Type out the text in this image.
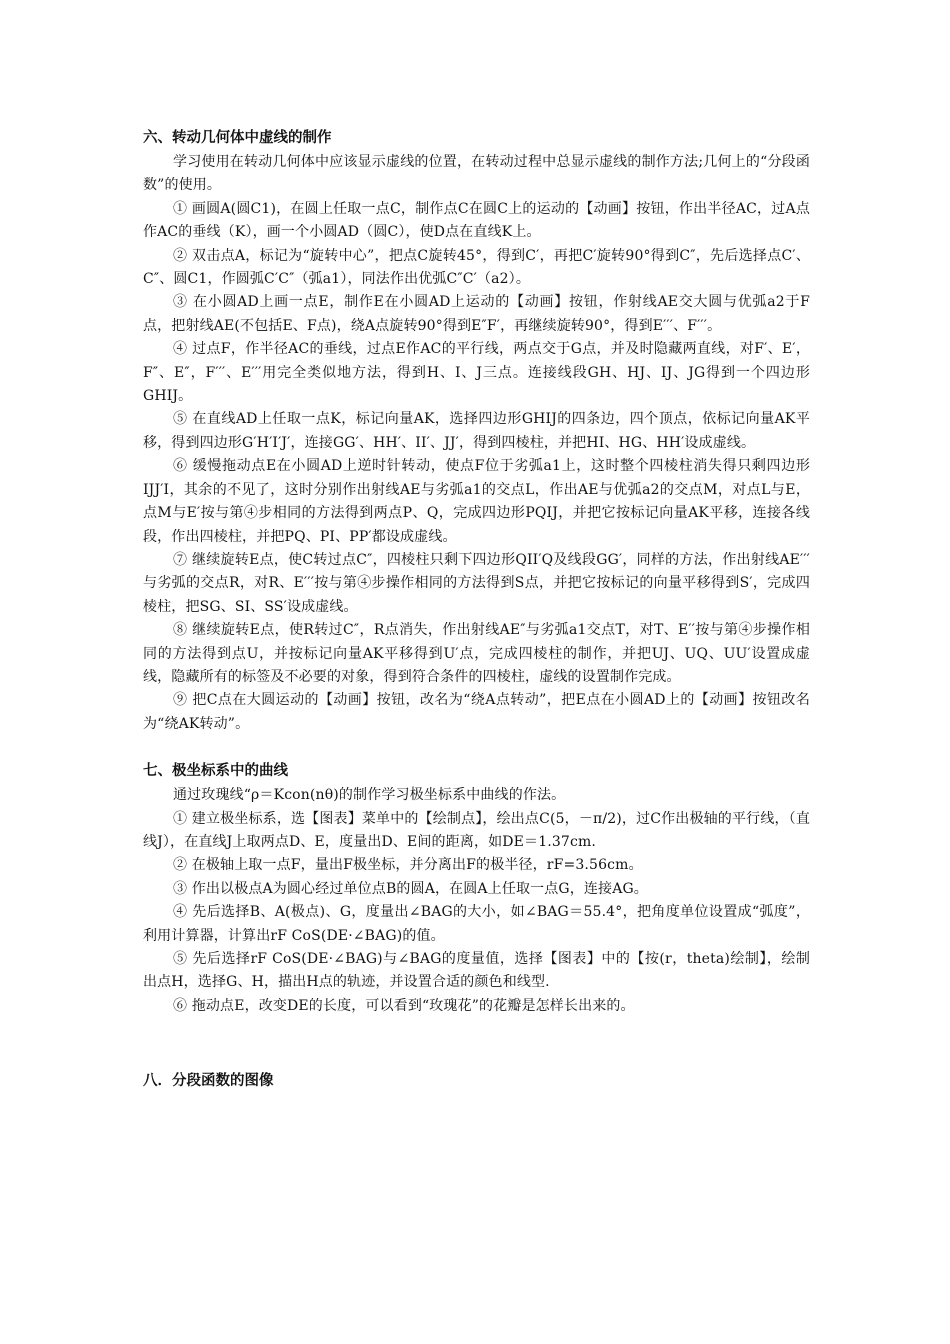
六、转动几何体中虚线的制作

学习使用在转动几何体中应该显示虚线的位置，在转动过程中总显示虚线的制作方法;几何上的“分段函数”的使用。

① 画圆A(圆C1)，在圆上任取一点C，制作点C在圆C上的运动的【动画】按钮，作出半径AC，过A点作AC的垂线（K），画一个小圆AD（圆C），使D点在直线K上。

② 双击点A，标记为“旋转中心”，把点C旋转45°，得到C′，再把C′旋转90°得到C″，先后选择点C′、C″、圆C1，作圆弧C′C″（弧a1），同法作出优弧C″C′（a2）。

③ 在小圆AD上画一点E，制作E在小圆AD上运动的【动画】按钮，作射线AE交大圆与优弧a2于F点，把射线AE(不包括E、F点)，绕A点旋转90°得到E″F′，再继续旋转90°，得到E′′′、F′′′。

④ 过点F，作半径AC的垂线，过点E作AC的平行线，两点交于G点，并及时隐藏两直线，对F′、E′，F″、E″，F′′′、E′′′用完全类似地方法，得到H、I、J三点。连接线段GH、HJ、IJ、JG得到一个四边形GHIJ。

⑤ 在直线AD上任取一点K，标记向量AK，选择四边形GHIJ的四条边，四个顶点，依标记向量AK平移，得到四边形G′H′I′J′，连接GG′、HH′、II′、JJ′，得到四棱柱，并把HI、HG、HH′设成虚线。

⑥ 缓慢拖动点E在小圆AD上逆时针转动，使点F位于劣弧a1上，这时整个四棱柱消失得只剩四边形IJJ′I，其余的不见了，这时分别作出射线AE与劣弧a1的交点L，作出AE与优弧a2的交点M，对点L与E，点M与E′按与第④步相同的方法得到两点P、Q，完成四边形PQIJ，并把它按标记向量AK平移，连接各线段，作出四棱柱，并把PQ、PI、PP′都设成虚线。

⑦ 继续旋转E点，使C转过点C″，四棱柱只剩下四边形QII′Q及线段GG′，同样的方法，作出射线AE′′′与劣弧的交点R，对R、E′′′按与第④步操作相同的方法得到S点，并把它按标记的向量平移得到S′，完成四棱柱，把SG、SI、SS′设成虚线。

⑧ 继续旋转E点，使R转过C″，R点消失，作出射线AE″与劣弧a1交点T，对T、E′′按与第④步操作相同的方法得到点U，并按标记向量AK平移得到U′点，完成四棱柱的制作，并把UJ、UQ、UU′设置成虚线，隐藏所有的标签及不必要的对象，得到符合条件的四棱柱，虚线的设置制作完成。

⑨ 把C点在大圆运动的【动画】按钮，改名为“绕A点转动”，把E点在小圆AD上的【动画】按钮改名为“绕AK转动”。

七、极坐标系中的曲线

通过玫瑰线“ρ＝Kcon(nθ)的制作学习极坐标系中曲线的作法。

① 建立极坐标系，选【图表】菜单中的【绘制点】，绘出点C(5，－π/2)，过C作出极轴的平行线，（直线J），在直线J上取两点D、E，度量出D、E间的距离，如DE＝1.37cm.

② 在极轴上取一点F，量出F极坐标，并分离出F的极半径，rF=3.56cm。

③ 作出以极点A为圆心经过单位点B的圆A，在圆A上任取一点G，连接AG。

④ 先后选择B、A(极点)、G，度量出∠BAG的大小，如∠BAG＝55.4°，把角度单位设置成“弧度”，利用计算器，计算出rF CoS(DE·∠BAG)的值。

⑤ 先后选择rF CoS(DE·∠BAG)与∠BAG的度量值，选择【图表】中的【按(r，theta)绘制】，绘制出点H，选择G、H，描出H点的轨迹，并设置合适的颜色和线型.

⑥ 拖动点E，改变DE的长度，可以看到“玫瑰花”的花瓣是怎样长出来的。

八．分段函数的图像
